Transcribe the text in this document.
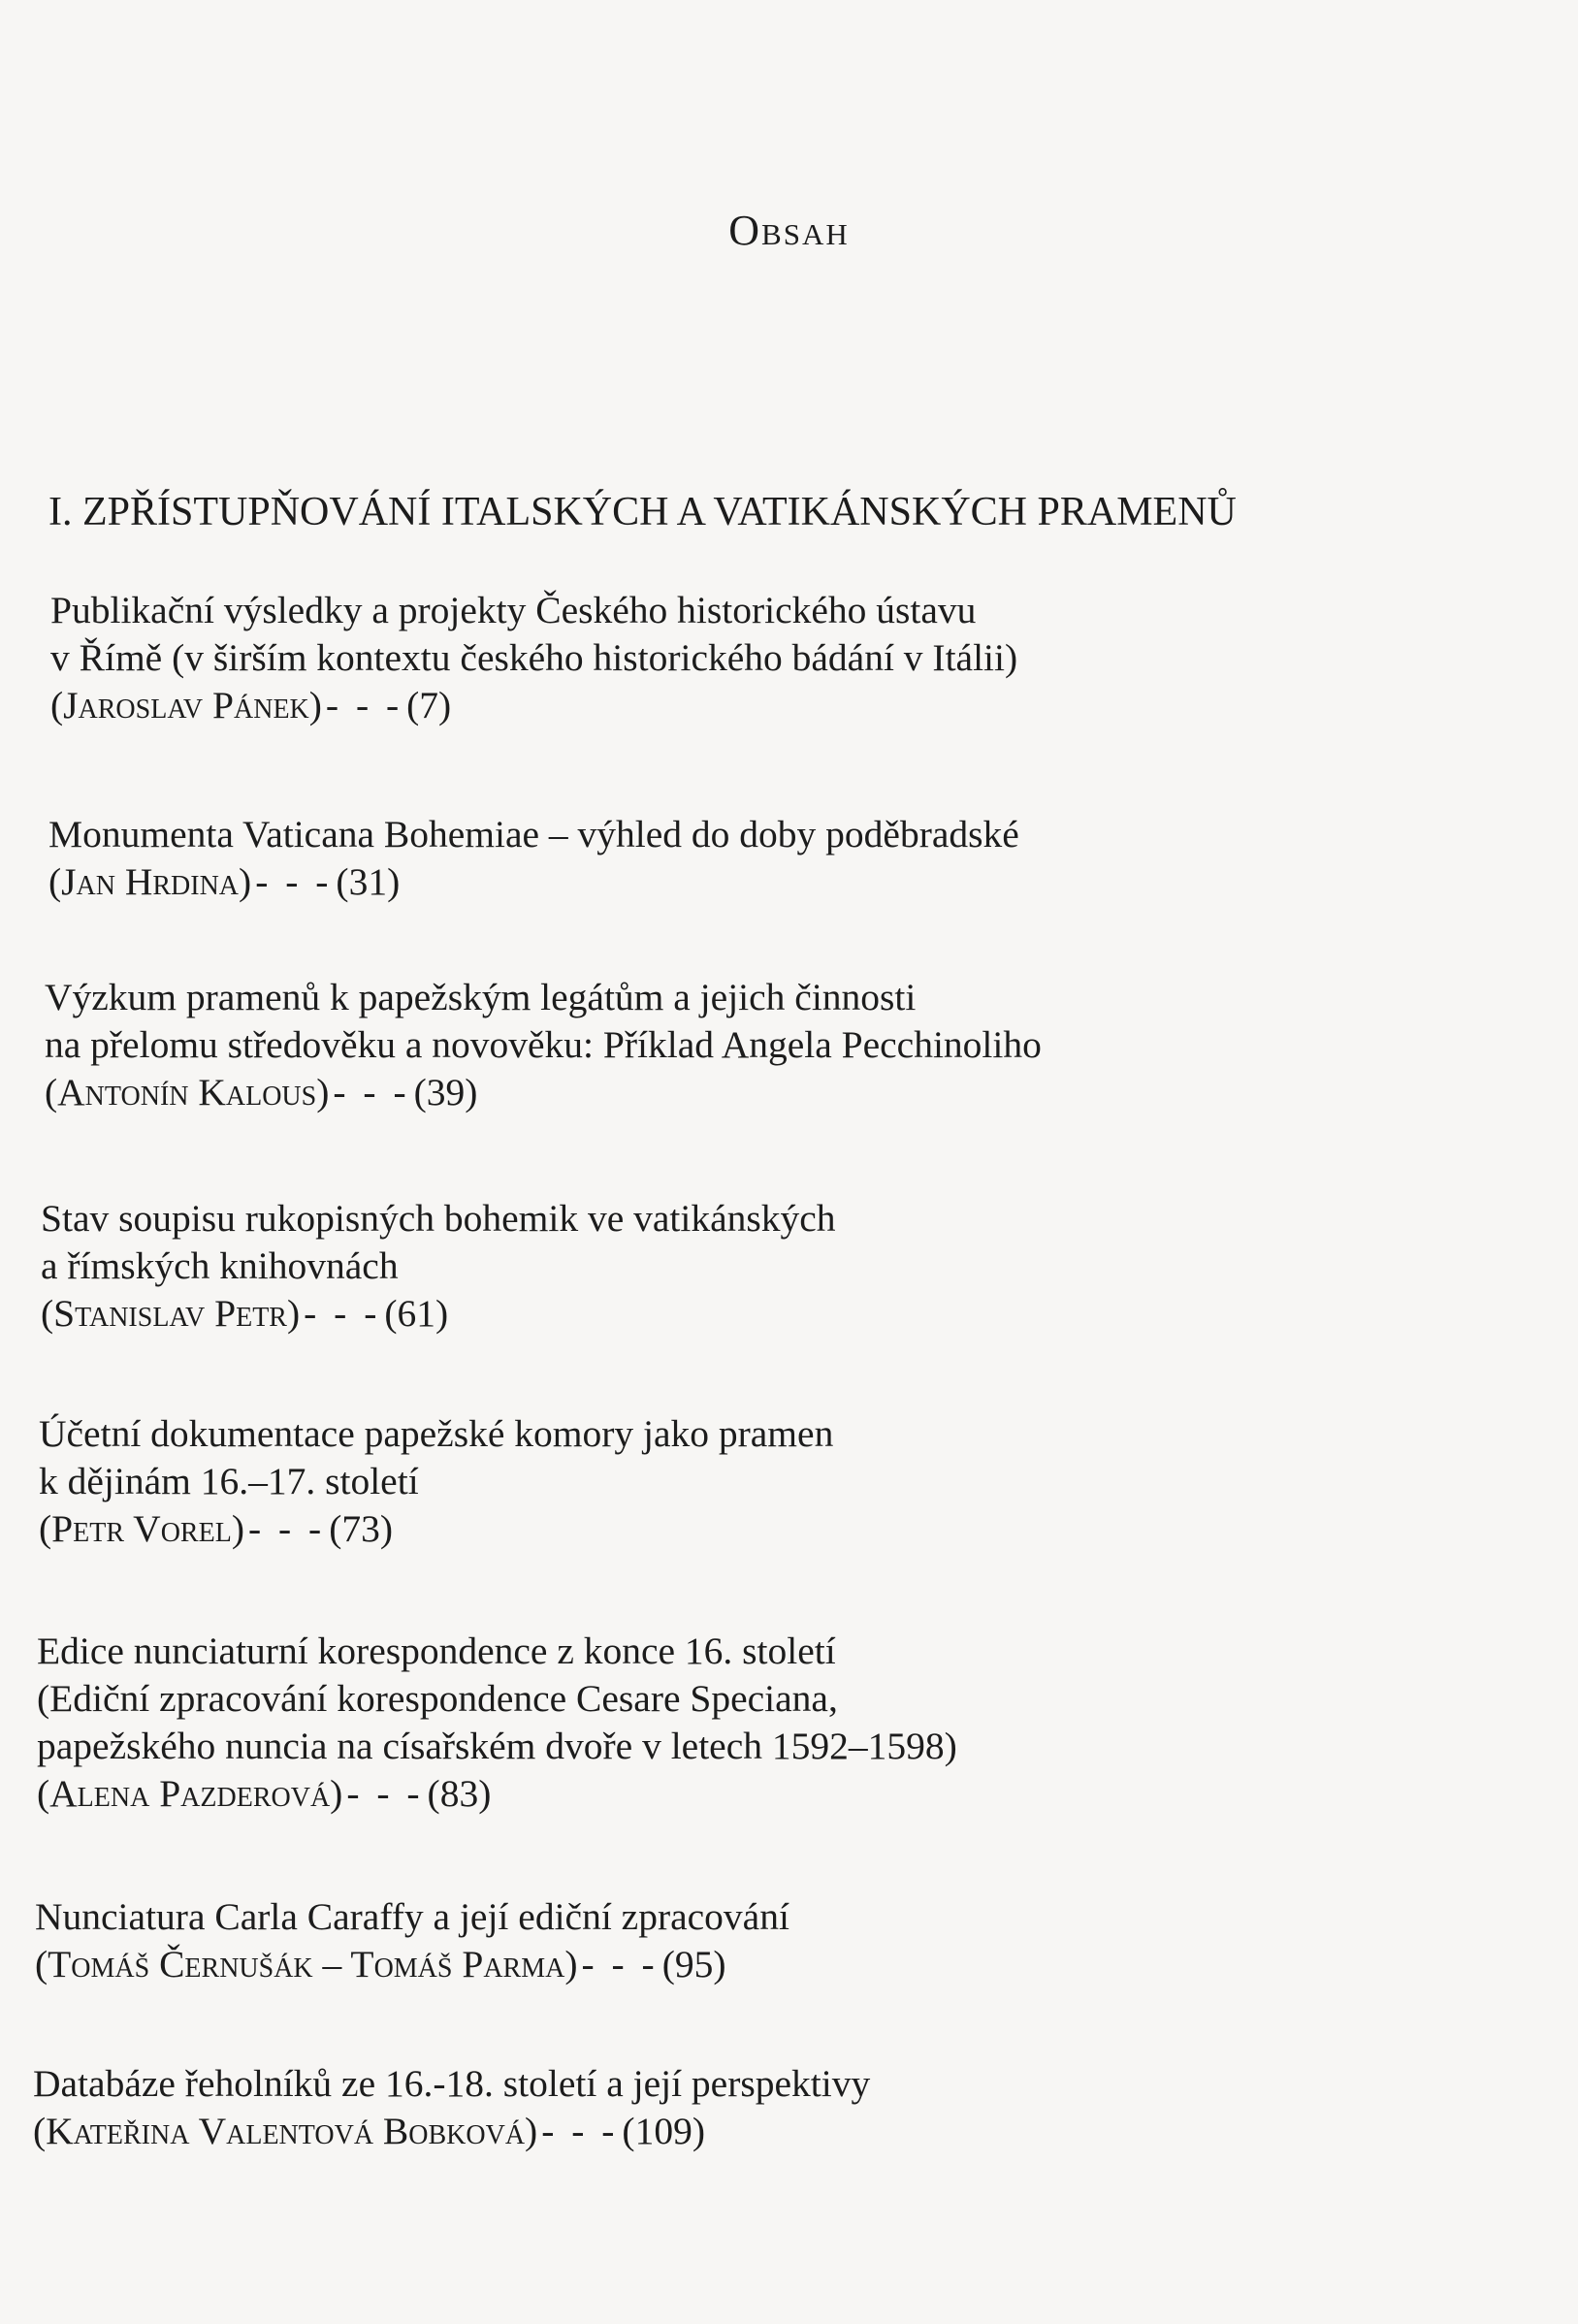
Obsah
I. ZPŘÍSTUPŇOVÁNÍ ITALSKÝCH A VATIKÁNSKÝCH PRAMENŮ
Publikační výsledky a projekty Českého historického ústavu
v Římě (v širším kontextu českého historického bádání v Itálii)
(Jaroslav Pánek) - - - (7)
Monumenta Vaticana Bohemiae – výhled do doby poděbradské
(Jan Hrdina) - - - (31)
Výzkum pramenů k papežským legátům a jejich činnosti
na přelomu středověku a novověku: Příklad Angela Pecchinoliho
(Antonín Kalous) - - - (39)
Stav soupisu rukopisných bohemik ve vatikánských
a římských knihovnách
(Stanislav Petr) - - - (61)
Účetní dokumentace papežské komory jako pramen
k dějinám 16.–17. století
(Petr Vorel) - - - (73)
Edice nunciaturní korespondence z konce 16. století
(Ediční zpracování korespondence Cesare Speciana,
papežského nuncia na císařském dvoře v letech 1592–1598)
(Alena Pazderová) - - - (83)
Nunciatura Carla Caraffy a její ediční zpracování
(Tomáš Černušák – Tomáš Parma) - - - (95)
Databáze řeholníků ze 16.-18. století a její perspektivy
(Kateřina Valentová Bobková) - - - (109)
